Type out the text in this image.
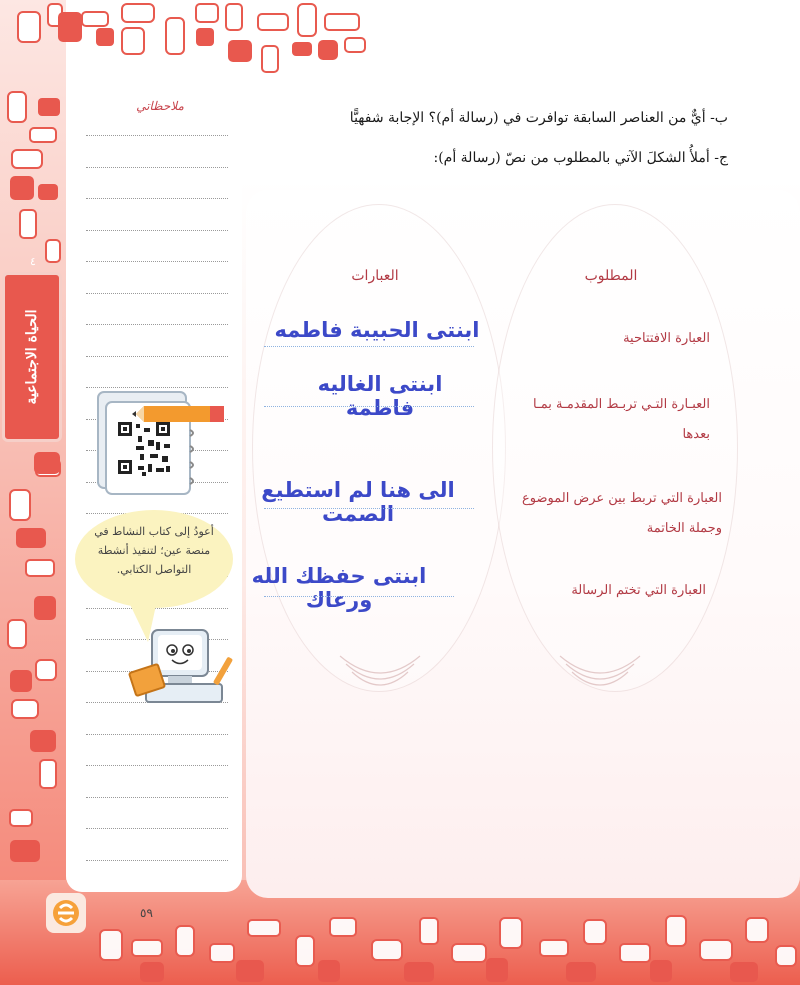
ملاحظاتي
ب- أيٌّ من العناصر السابقة توافرت في (رسالة أم)؟ الإجابة شفهيًّا
ج- أملأُ الشكلَ الآتي بالمطلوب من نصّ (رسالة أم):
العبارات	المطلوب
العبارة الافتتاحية
العبـارة التـي تربـط المقدمـة بمـا بعدها
العبارة التي تربط بين عرض الموضوع وجملة الخاتمة
العبارة التي تختم الرسالة
ابنتى الحبيبة فاطمه
ابنتى الغاليه فاطمة
الى هنا لم استطيع الصمت
ابنتى حفظك الله ورعاك
٤
الحياة الاجتماعية
أعودُ إلى كتاب النشاط في منصة عين؛ لتنفيذ أنشطة التواصل الكتابي.
٥٩
